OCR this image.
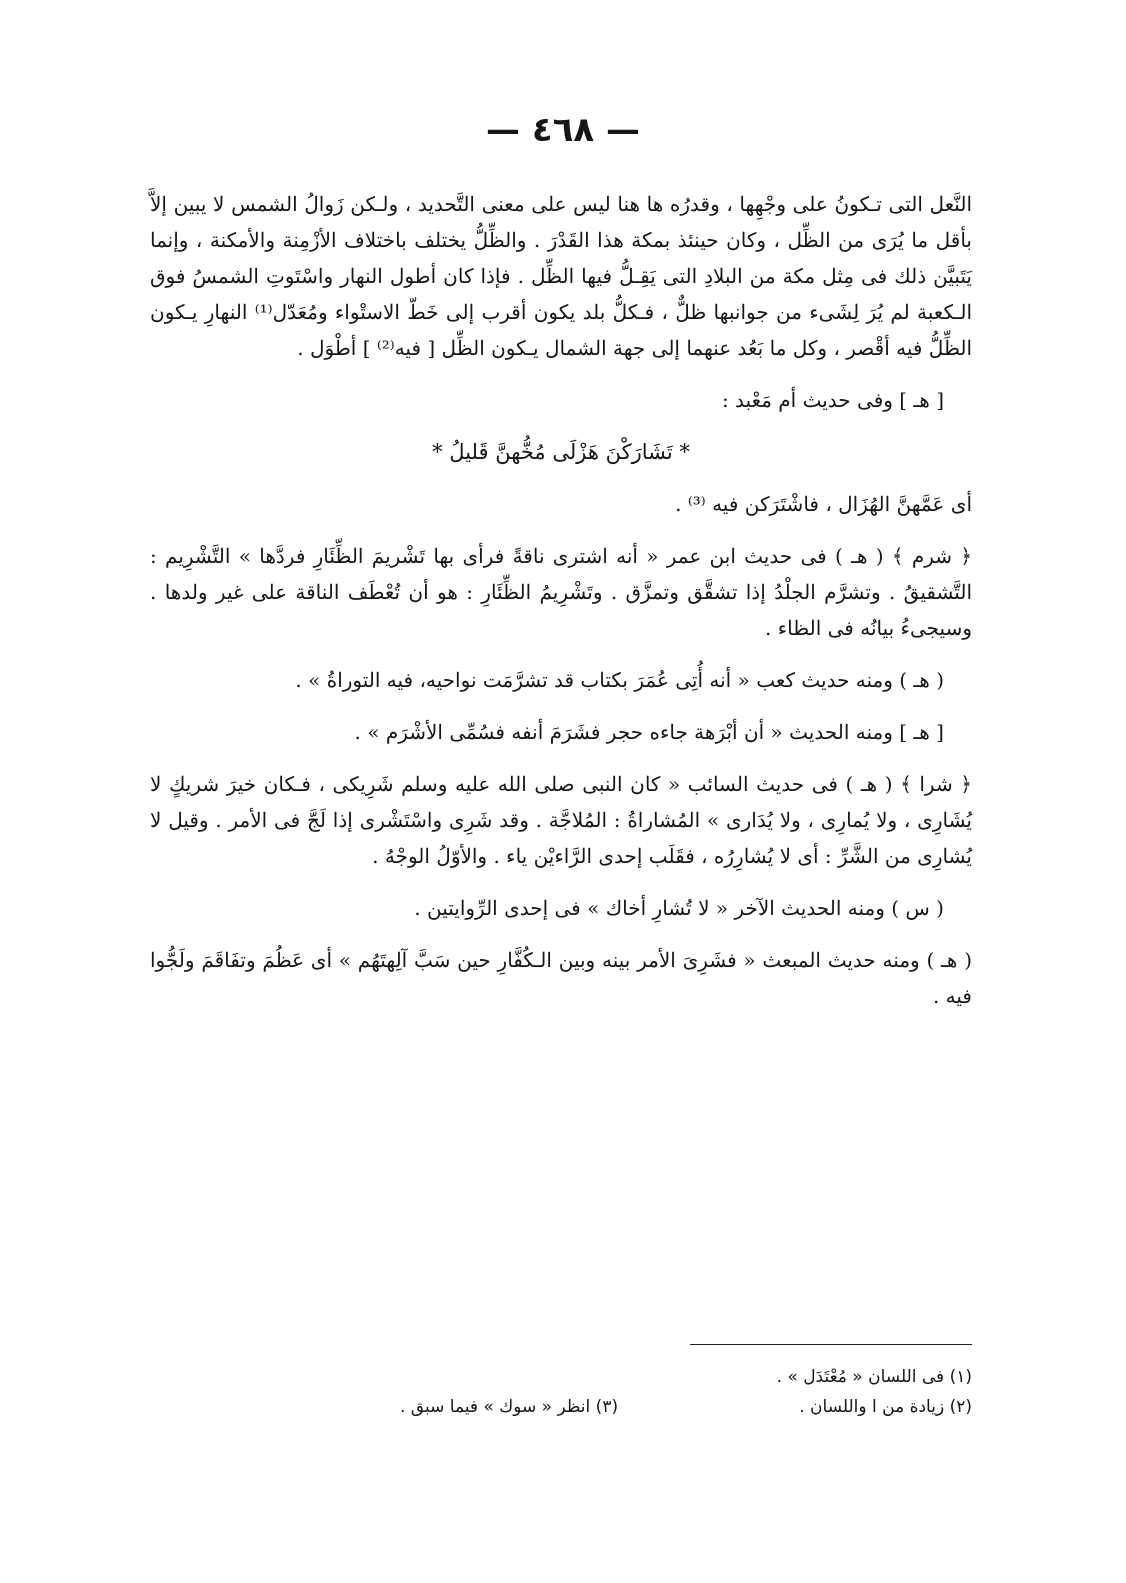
— ٤٦٨ —

النَّعل التى تـكونُ على وجْهِها ، وقدرُه ها هنا ليس على معنى التَّحديد ، ولـكن زَوالُ الشمس لا يبين إلاَّ بأقل ما يُرَى من الظِّل ، وكان حينئذ بمكة هذا القَدْرَ . والظِّلُّ يختلف باختلاف الأزْمِنة والأمكنة ، وإنما يَتَبيَّن ذلك فى مِثل مكة من البلادِ التى يَقِـلُّ فيها الظِّل . فإذا كان أطول النهار واسْتَوتِ الشمسُ فوق الـكعبة لم يُرَ لِشَىء من جوانبها ظلٌّ ، فـكلُّ بلد يكون أقرب إلى خَطّ الاستْواء ومُعَدّل⁽¹⁾ النهارِ يـكون الظِّلُّ فيه أقْصر ، وكل ما بَعُد عنهما إلى جهة الشمال يـكون الظِّل [ فيه⁽²⁾ ] أطْوَل .

[ هـ ] وفى حديث أم مَعْبد :

* تَشَارَكْنَ هَزْلَى مُخُّهنَّ قَليلُ *

أى عَمَّهنَّ الهُزَال ، فاشْتَرَكن فيه ⁽³⁾ .

﴿ شرم ﴾ ( هـ ) فى حديث ابن عمر « أنه اشترى ناقةً فرأى بها تَشْريمَ الظِّئَارِ فردَّها » التَّشْرِيم : التَّشقيقُ . وتشرَّم الجلْدُ إذا تشقَّق وتمزَّق . وتَشْرِيمُ الظِّئَارِ : هو أن تُعْطَف الناقة على غير ولدها . وسيجىءُ بيانُه فى الظاء .

( هـ ) ومنه حديث كعب « أنه أُتِى عُمَرَ بكتاب قد تشرَّمَت نواحيه، فيه التوراةُ » .

[ هـ ] ومنه الحديث « أن أبْرَهة جاءه حجر فشَرَمَ أنفه فسُمِّى الأشْرَم » .

﴿ شرا ﴾ ( هـ ) فى حديث السائب « كان النبى صلى الله عليه وسلم شَرِيكى ، فـكان خيرَ شريكٍ لا يُشَارِى ، ولا يُمارِى ، ولا يُدَارى » المُشاراةُ : المُلاجَّة . وقد شَرِى واسْتَشْرى إذا لَجَّ فى الأمر . وقيل لا يُشارِى من الشَّرِّ : أى لا يُشارِرُه ، فقَلَب إحدى الرَّاءيْن ياء . والأوّلُ الوجْهُ .

( س ) ومنه الحديث الآخر « لا تُشارِ أخاك » فى إحدى الرِّوايتين .

( هـ ) ومنه حديث المبعث « فشَرِىَ الأمر بينه وبين الـكُفَّارِ حين سَبَّ آلِهتَهُم » أى عَظُمَ وتفَاقَمَ ولَجُّوا فيه .

(١) فى اللسان « مُعْتَدَل » .
(٢) زيادة من ا واللسان .
(٣) انظر « سوك » فيما سبق .
